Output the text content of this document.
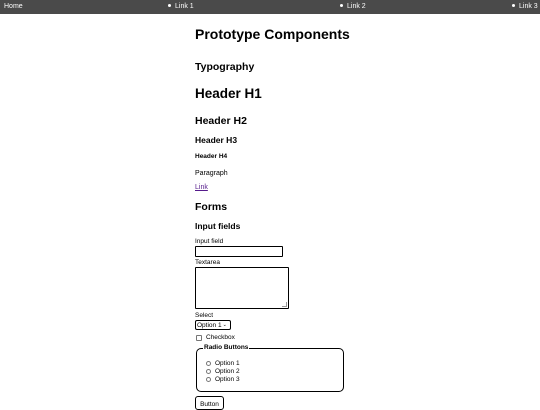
Home	Link 1	Link 2	Link 3
Prototype Components
Typography
Header H1
Header H2
Header H3
Header H4
Paragraph
Link
Forms
Input fields
Input field
Textarea
Select
Option 1 ⌄
Checkbox
Radio Buttons
Option 1
Option 2
Option 3
Button
